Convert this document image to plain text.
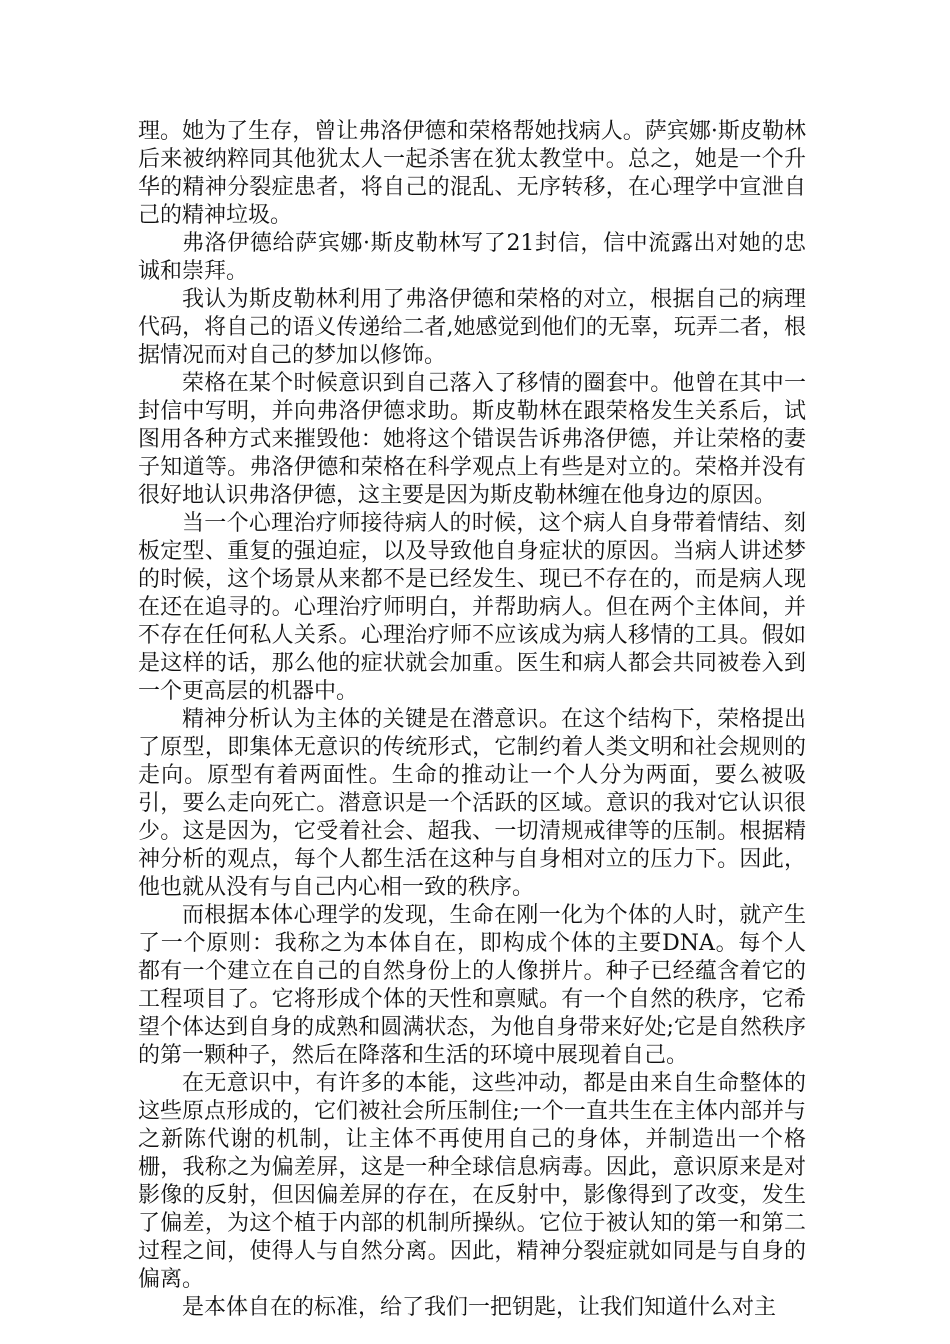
理。她为了生存，曾让弗洛伊德和荣格帮她找病人。萨宾娜·斯皮勒林后来被纳粹同其他犹太人一起杀害在犹太教堂中。总之，她是一个升华的精神分裂症患者，将自己的混乱、无序转移，在心理学中宣泄自己的精神垃圾。

弗洛伊德给萨宾娜·斯皮勒林写了21封信，信中流露出对她的忠诚和崇拜。

我认为斯皮勒林利用了弗洛伊德和荣格的对立，根据自己的病理代码，将自己的语义传递给二者,她感觉到他们的无辜，玩弄二者，根据情况而对自己的梦加以修饰。

荣格在某个时候意识到自己落入了移情的圈套中。他曾在其中一封信中写明，并向弗洛伊德求助。斯皮勒林在跟荣格发生关系后，试图用各种方式来摧毁他：她将这个错误告诉弗洛伊德，并让荣格的妻子知道等。弗洛伊德和荣格在科学观点上有些是对立的。荣格并没有很好地认识弗洛伊德，这主要是因为斯皮勒林缠在他身边的原因。

当一个心理治疗师接待病人的时候，这个病人自身带着情结、刻板定型、重复的强迫症，以及导致他自身症状的原因。当病人讲述梦的时候，这个场景从来都不是已经发生、现已不存在的，而是病人现在还在追寻的。心理治疗师明白，并帮助病人。但在两个主体间，并不存在任何私人关系。心理治疗师不应该成为病人移情的工具。假如是这样的话，那么他的症状就会加重。医生和病人都会共同被卷入到一个更高层的机器中。

精神分析认为主体的关键是在潜意识。在这个结构下，荣格提出了原型，即集体无意识的传统形式，它制约着人类文明和社会规则的走向。原型有着两面性。生命的推动让一个人分为两面，要么被吸引，要么走向死亡。潜意识是一个活跃的区域。意识的我对它认识很少。这是因为，它受着社会、超我、一切清规戒律等的压制。根据精神分析的观点，每个人都生活在这种与自身相对立的压力下。因此，他也就从没有与自己内心相一致的秩序。

而根据本体心理学的发现，生命在刚一化为个体的人时，就产生了一个原则：我称之为本体自在，即构成个体的主要DNA。每个人都有一个建立在自己的自然身份上的人像拼片。种子已经蕴含着它的工程项目了。它将形成个体的天性和禀赋。有一个自然的秩序，它希望个体达到自身的成熟和圆满状态，为他自身带来好处;它是自然秩序的第一颗种子，然后在降落和生活的环境中展现着自己。

在无意识中，有许多的本能，这些冲动，都是由来自生命整体的这些原点形成的，它们被社会所压制住;一个一直共生在主体内部并与之新陈代谢的机制，让主体不再使用自己的身体，并制造出一个格栅，我称之为偏差屏，这是一种全球信息病毒。因此，意识原来是对影像的反射，但因偏差屏的存在，在反射中，影像得到了改变，发生了偏差，为这个植于内部的机制所操纵。它位于被认知的第一和第二过程之间，使得人与自然分离。因此，精神分裂症就如同是与自身的偏离。

是本体自在的标准，给了我们一把钥匙，让我们知道什么对主
